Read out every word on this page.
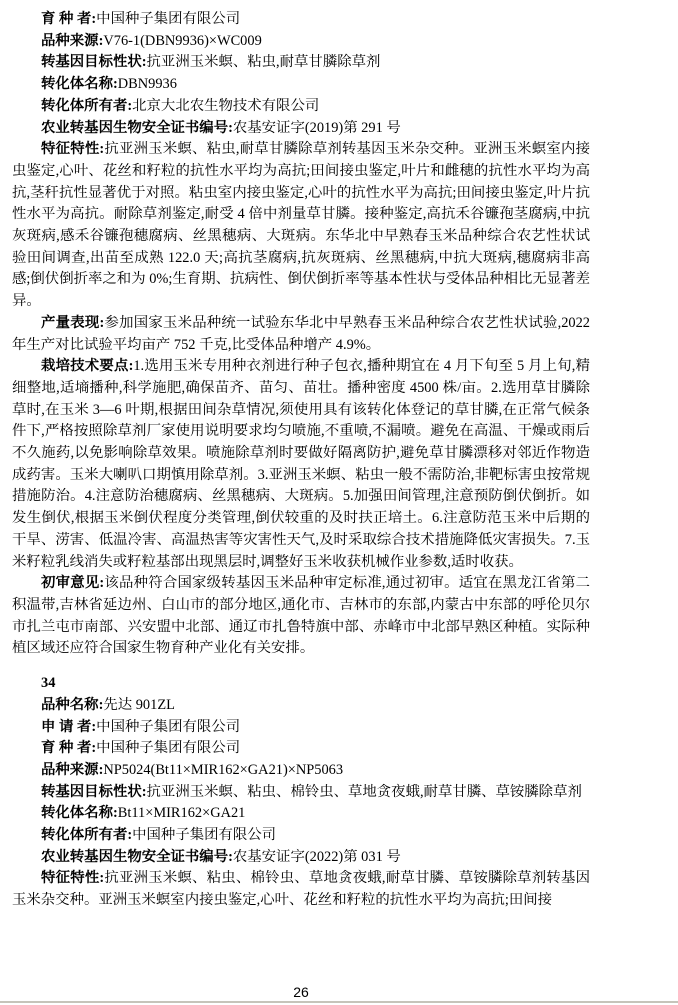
育 种 者:中国种子集团有限公司

品种来源:V76-1(DBN9936)×WC009

转基因目标性状:抗亚洲玉米螟、粘虫,耐草甘膦除草剂

转化体名称:DBN9936

转化体所有者:北京大北农生物技术有限公司

农业转基因生物安全证书编号:农基安证字(2019)第 291 号

特征特性:抗亚洲玉米螟、粘虫,耐草甘膦除草剂转基因玉米杂交种。亚洲玉米螟室内接虫鉴定,心叶、花丝和籽粒的抗性水平均为高抗;田间接虫鉴定,叶片和雌穗的抗性水平均为高抗,茎秆抗性显著优于对照。粘虫室内接虫鉴定,心叶的抗性水平为高抗;田间接虫鉴定,叶片抗性水平为高抗。耐除草剂鉴定,耐受 4 倍中剂量草甘膦。接种鉴定,高抗禾谷镰孢茎腐病,中抗灰斑病,感禾谷镰孢穗腐病、丝黑穗病、大斑病。东华北中早熟春玉米品种综合农艺性状试验田间调查,出苗至成熟 122.0 天;高抗茎腐病,抗灰斑病、丝黑穗病,中抗大斑病,穗腐病非高感;倒伏倒折率之和为 0%;生育期、抗病性、倒伏倒折率等基本性状与受体品种相比无显著差异。

产量表现:参加国家玉米品种统一试验东华北中早熟春玉米品种综合农艺性状试验,2022 年生产对比试验平均亩产 752 千克,比受体品种增产 4.9%。

栽培技术要点:1.选用玉米专用种衣剂进行种子包衣,播种期宜在 4 月下旬至 5 月上旬,精细整地,适墒播种,科学施肥,确保苗齐、苗匀、苗壮。播种密度 4500 株/亩。2.选用草甘膦除草时,在玉米 3—6 叶期,根据田间杂草情况,须使用具有该转化体登记的草甘膦,在正常气候条件下,严格按照除草剂厂家使用说明要求均匀喷施,不重喷,不漏喷。避免在高温、干燥或雨后不久施药,以免影响除草效果。喷施除草剂时要做好隔离防护,避免草甘膦漂移对邻近作物造成药害。玉米大喇叭口期慎用除草剂。3.亚洲玉米螟、粘虫一般不需防治,非靶标害虫按常规措施防治。4.注意防治穗腐病、丝黑穗病、大斑病。5.加强田间管理,注意预防倒伏倒折。如发生倒伏,根据玉米倒伏程度分类管理,倒伏较重的及时扶正培土。6.注意防范玉米中后期的干旱、涝害、低温冷害、高温热害等灾害性天气,及时采取综合技术措施降低灾害损失。7.玉米籽粒乳线消失或籽粒基部出现黑层时,调整好玉米收获机械作业参数,适时收获。

初审意见:该品种符合国家级转基因玉米品种审定标准,通过初审。适宜在黑龙江省第二积温带,吉林省延边州、白山市的部分地区,通化市、吉林市的东部,内蒙古中东部的呼伦贝尔市扎兰屯市南部、兴安盟中北部、通辽市扎鲁特旗中部、赤峰市中北部早熟区种植。实际种植区域还应符合国家生物育种产业化有关安排。

34

品种名称:先达 901ZL

申 请 者:中国种子集团有限公司

育 种 者:中国种子集团有限公司

品种来源:NP5024(Bt11×MIR162×GA21)×NP5063

转基因目标性状:抗亚洲玉米螟、粘虫、棉铃虫、草地贪夜蛾,耐草甘膦、草铵膦除草剂

转化体名称:Bt11×MIR162×GA21

转化体所有者:中国种子集团有限公司

农业转基因生物安全证书编号:农基安证字(2022)第 031 号

特征特性:抗亚洲玉米螟、粘虫、棉铃虫、草地贪夜蛾,耐草甘膦、草铵膦除草剂转基因玉米杂交种。亚洲玉米螟室内接虫鉴定,心叶、花丝和籽粒的抗性水平均为高抗;田间接

26
